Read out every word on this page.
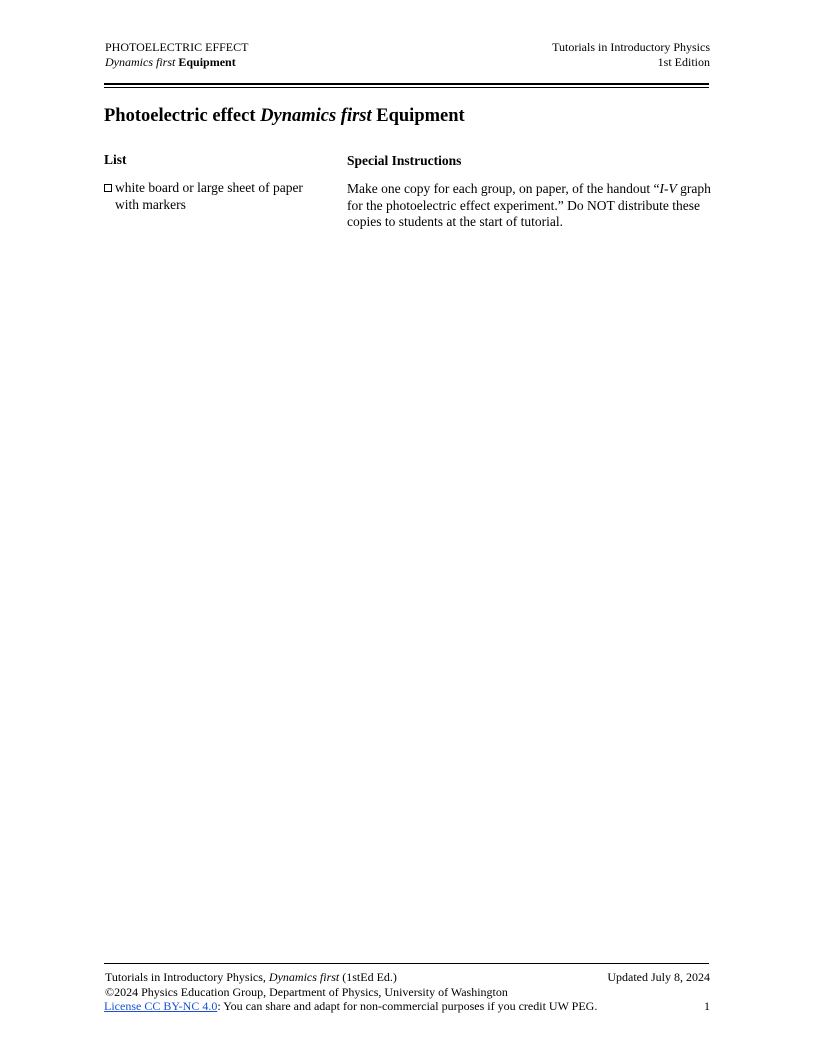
PHOTOELECTRIC EFFECT
Dynamics first Equipment
Tutorials in Introductory Physics
1st Edition
Photoelectric effect Dynamics first Equipment
List
white board or large sheet of paper with markers
Special Instructions
Make one copy for each group, on paper, of the handout “I-V graph for the photoelectric effect experiment.” Do NOT distribute these copies to students at the start of tutorial.
Tutorials in Introductory Physics, Dynamics first (1stEd Ed.)	Updated July 8, 2024
©2024 Physics Education Group, Department of Physics, University of Washington
License CC BY-NC 4.0: You can share and adapt for non-commercial purposes if you credit UW PEG.	1
